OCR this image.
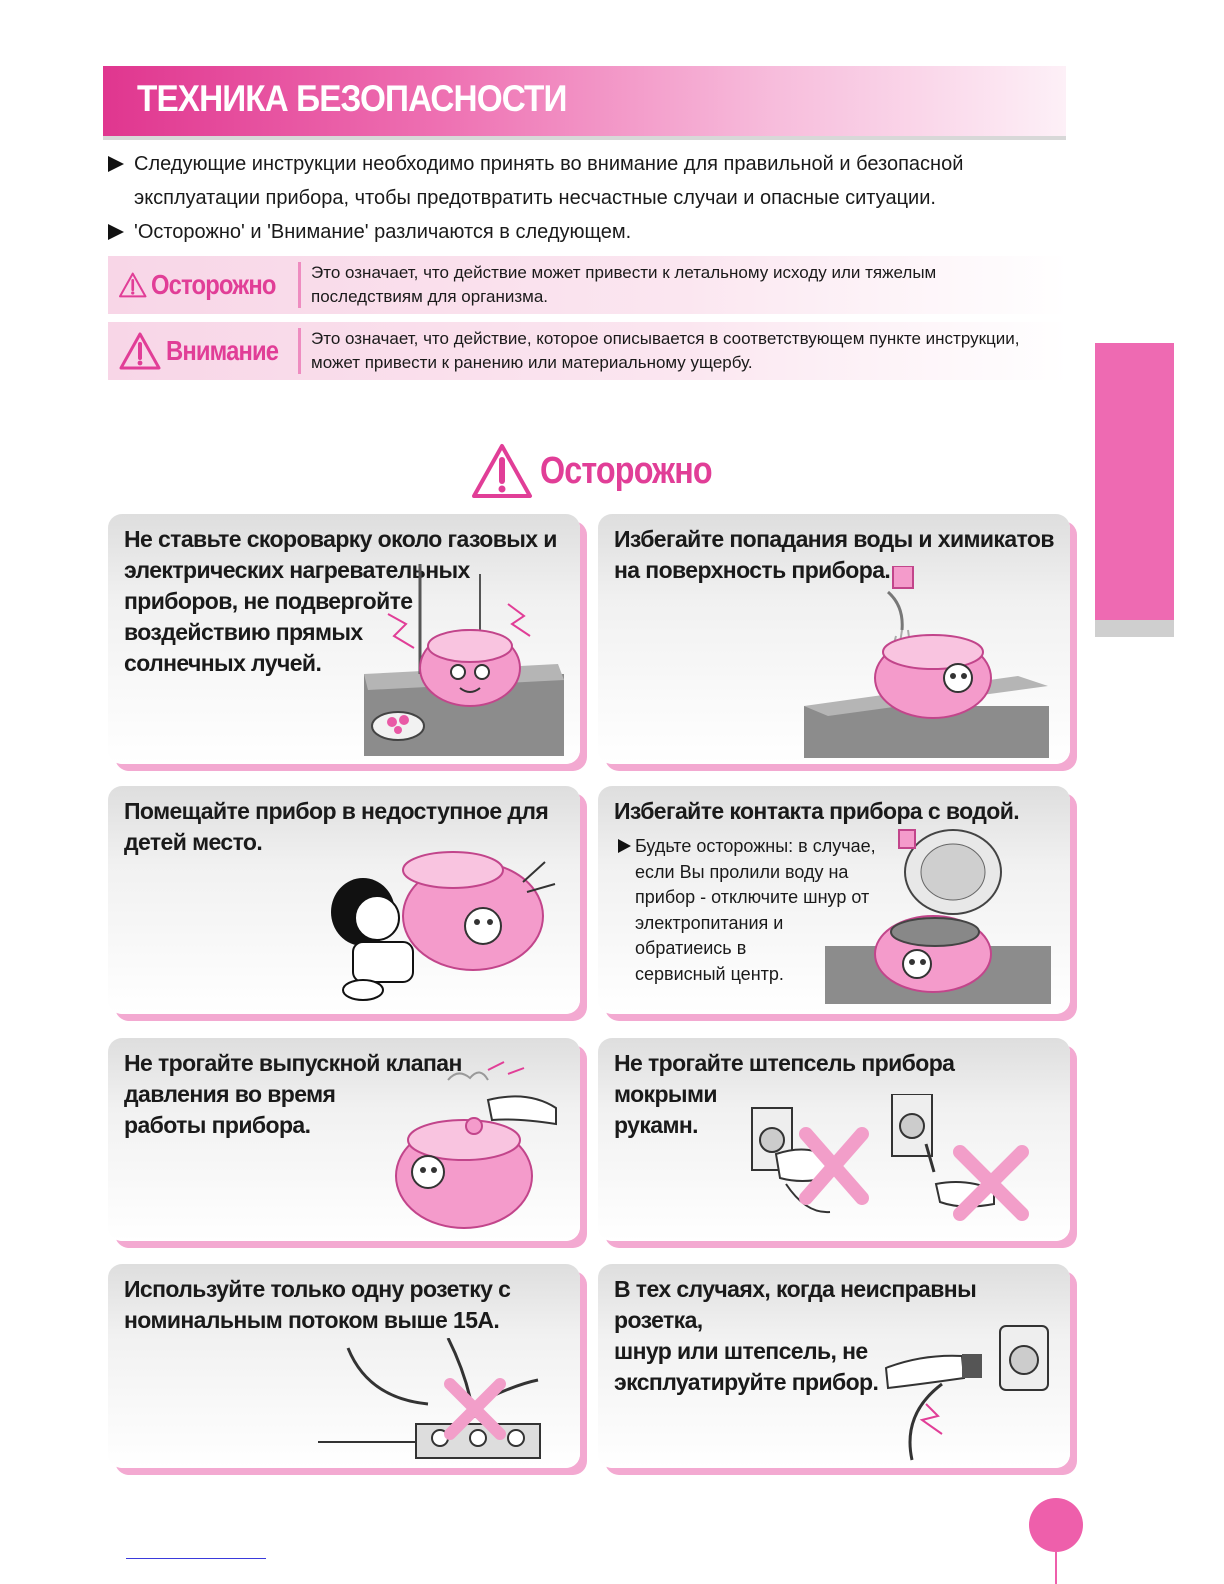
ТЕХНИКА БЕЗОПАСНОСТИ
Следующие инструкции необходимо принять во внимание для правильной и безопасной
эксплуатации прибора, чтобы предотвратить несчастные случаи и опасные ситуации.
'Осторожно' и 'Внимание' различаются в следующем.
Осторожно Это означает, что действие может привести к летальному исходу или тяжелым
последствиям для организма.
Внимание Это означает, что действие, которое описывается в соответствующем пункте инструкции,
может привести к ранению или материальному ущербу.
Осторожно
Не ставьте скороварку около газовых и
электрических нагревательных
приборов, не подвергойте
воздействию прямых
солнечных лучей.
Избегайте попадания воды и химикатов
на поверхность прибора.
Помещайте прибор в недоступное для
детей место.
Избегайте контакта прибора с водой.
Будьте осторожны: в случае,
если Вы пролили воду на
прибор - отключите шнур от
электропитания и
обратиеись в
сервисный центр.
Не трогайте выпускной клапан
давления во время
работы прибора.
Не трогайте штепсель прибора мокрыми
рукамн.
Используйте только одну розетку с
номинальным потоком выше 15А.
В тех случаях, когда неисправны розетка,
шнур или штепсель, не
эксплуатируйте прибор.
